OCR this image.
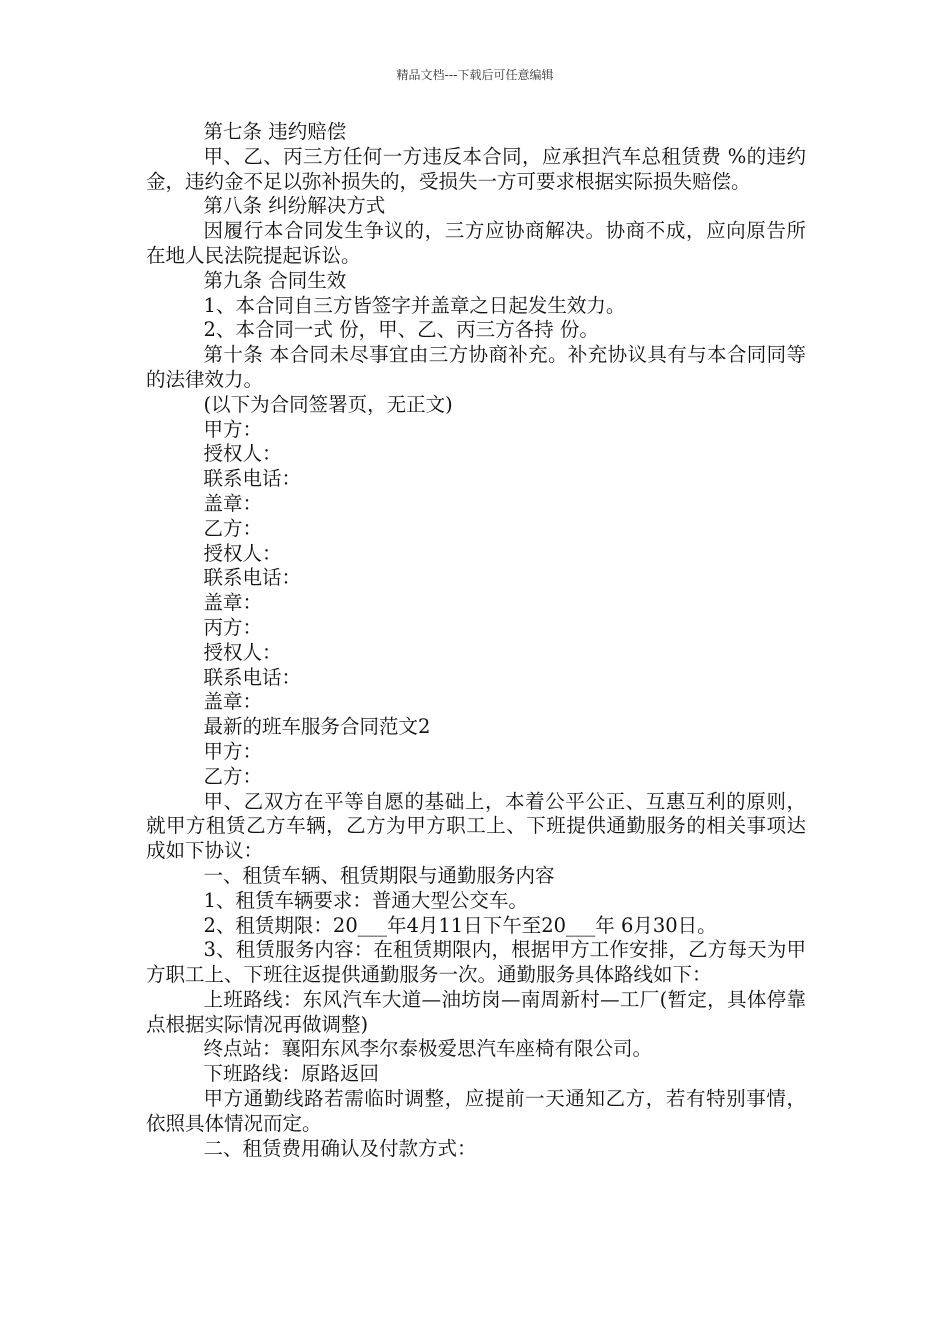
精品文档---下载后可任意编辑

第七条 违约赔偿

甲、乙、丙三方任何一方违反本合同，应承担汽车总租赁费 %的违约金，违约金不足以弥补损失的，受损失一方可要求根据实际损失赔偿。

第八条 纠纷解决方式

因履行本合同发生争议的，三方应协商解决。协商不成，应向原告所在地人民法院提起诉讼。

第九条 合同生效

1、本合同自三方皆签字并盖章之日起发生效力。

2、本合同一式 份，甲、乙、丙三方各持 份。

第十条 本合同未尽事宜由三方协商补充。补充协议具有与本合同同等的法律效力。

(以下为合同签署页，无正文)

甲方：

授权人：

联系电话：

盖章：

乙方：

授权人：

联系电话：

盖章：

丙方：

授权人：

联系电话：

盖章：

最新的班车服务合同范文2

甲方：

乙方：

甲、乙双方在平等自愿的基础上，本着公平公正、互惠互利的原则，就甲方租赁乙方车辆，乙方为甲方职工上、下班提供通勤服务的相关事项达成如下协议：

一、租赁车辆、租赁期限与通勤服务内容

1、租赁车辆要求：普通大型公交车。

2、租赁期限：20___年4月11日下午至20___年 6月30日。

3、租赁服务内容：在租赁期限内，根据甲方工作安排，乙方每天为甲方职工上、下班往返提供通勤服务一次。通勤服务具体路线如下：

上班路线：东风汽车大道—油坊岗—南周新村—工厂(暂定，具体停靠点根据实际情况再做调整)

终点站：襄阳东风李尔泰极爱思汽车座椅有限公司。

下班路线：原路返回

甲方通勤线路若需临时调整，应提前一天通知乙方，若有特别事情，依照具体情况而定。

二、租赁费用确认及付款方式：
